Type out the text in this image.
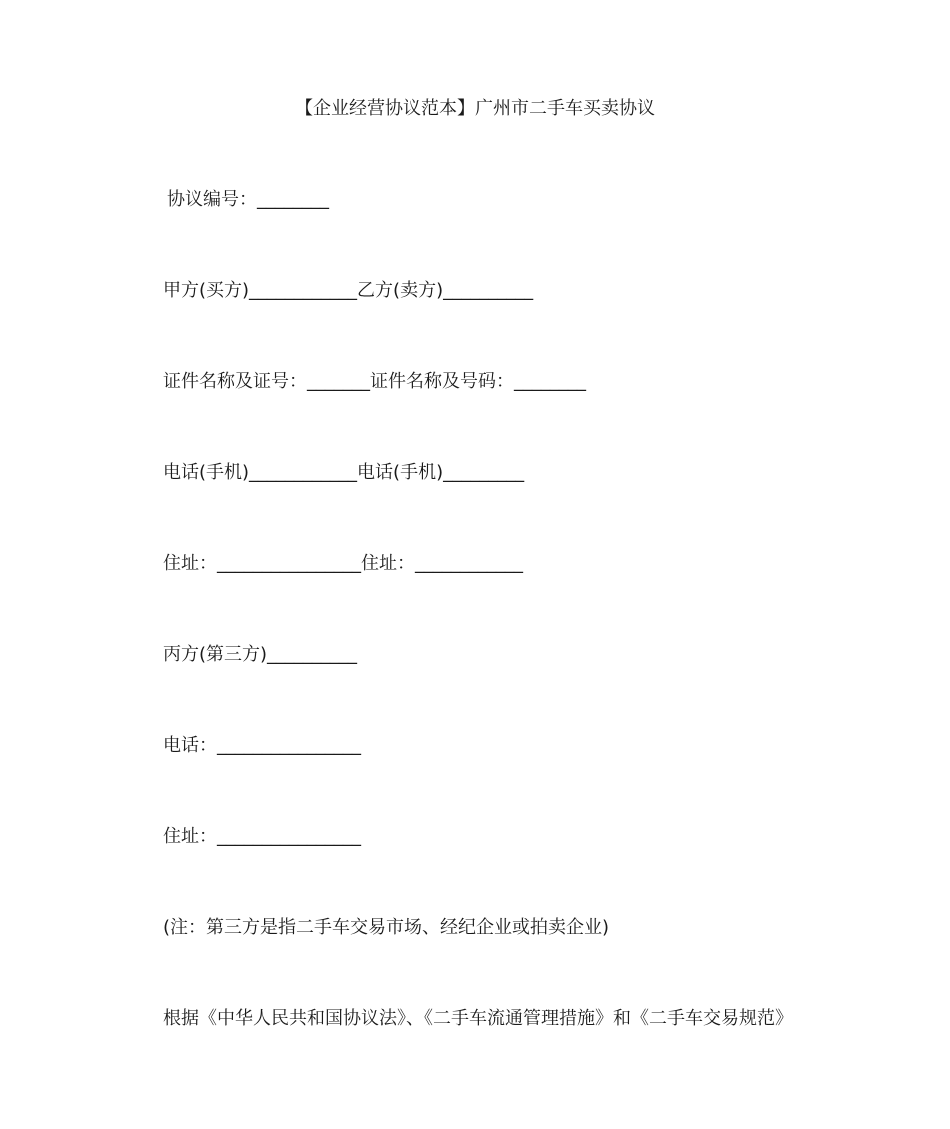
【企业经营协议范本】广州市二手车买卖协议
协议编号：________
甲方(买方)____________乙方(卖方)__________
证件名称及证号：_______证件名称及号码：________
电话(手机)____________电话(手机)_________
住址：________________住址：____________
丙方(第三方)__________
电话：________________
住址：________________
(注：第三方是指二手车交易市场、经纪企业或拍卖企业)
根据《中华人民共和国协议法》、《二手车流通管理措施》和《二手车交易规范》
